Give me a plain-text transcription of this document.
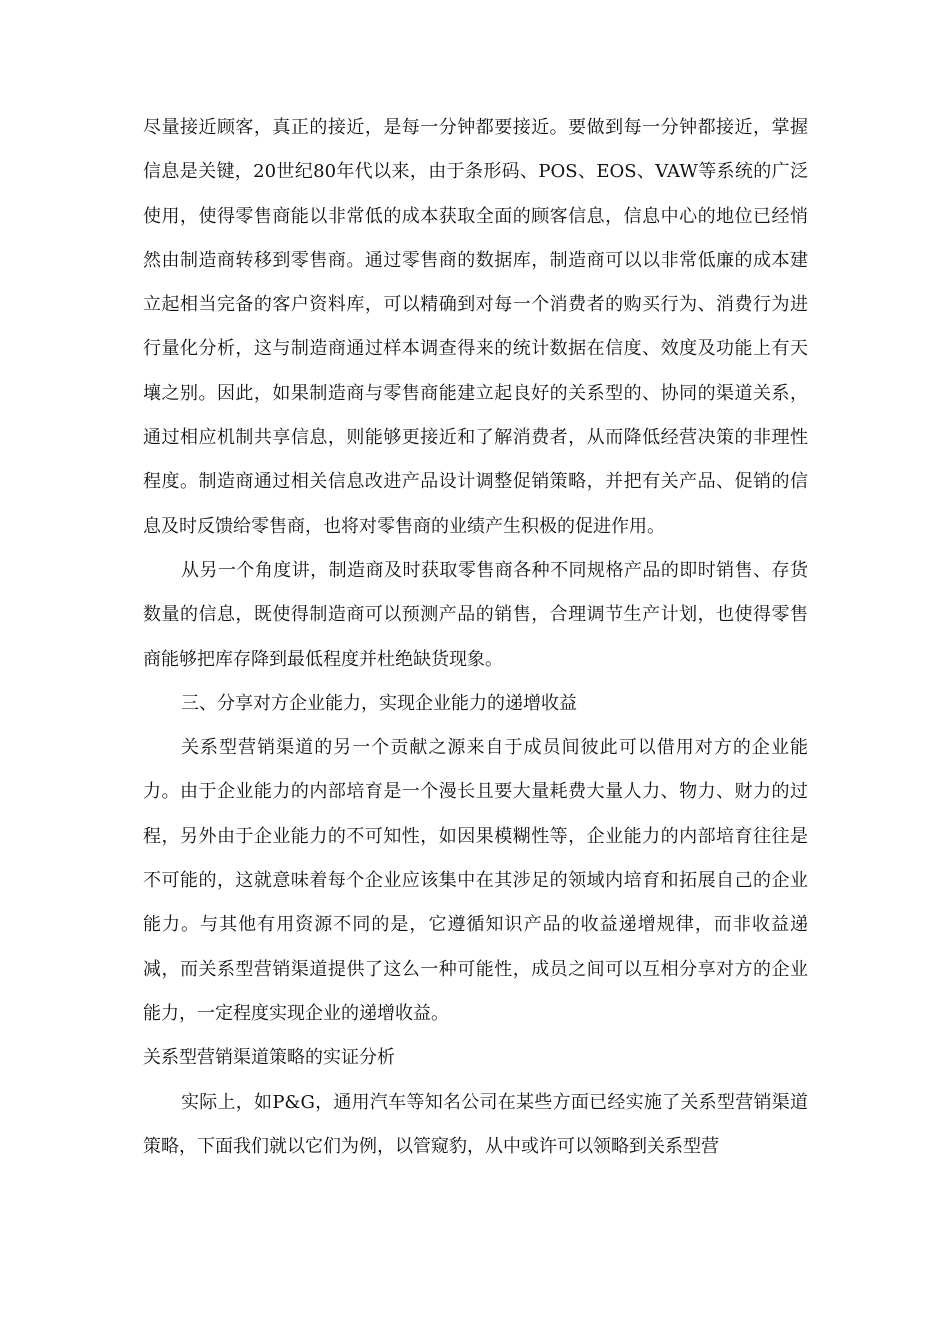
尽量接近顾客，真正的接近，是每一分钟都要接近。要做到每一分钟都接近，掌握信息是关键，20世纪80年代以来，由于条形码、POS、EOS、VAW等系统的广泛使用，使得零售商能以非常低的成本获取全面的顾客信息，信息中心的地位已经悄然由制造商转移到零售商。通过零售商的数据库，制造商可以以非常低廉的成本建立起相当完备的客户资料库，可以精确到对每一个消费者的购买行为、消费行为进行量化分析，这与制造商通过样本调查得来的统计数据在信度、效度及功能上有天壤之别。因此，如果制造商与零售商能建立起良好的关系型的、协同的渠道关系，通过相应机制共享信息，则能够更接近和了解消费者，从而降低经营决策的非理性程度。制造商通过相关信息改进产品设计调整促销策略，并把有关产品、促销的信息及时反馈给零售商，也将对零售商的业绩产生积极的促进作用。

从另一个角度讲，制造商及时获取零售商各种不同规格产品的即时销售、存货数量的信息，既使得制造商可以预测产品的销售，合理调节生产计划，也使得零售商能够把库存降到最低程度并杜绝缺货现象。

三、分享对方企业能力，实现企业能力的递增收益

关系型营销渠道的另一个贡献之源来自于成员间彼此可以借用对方的企业能力。由于企业能力的内部培育是一个漫长且要大量耗费大量人力、物力、财力的过程，另外由于企业能力的不可知性，如因果模糊性等，企业能力的内部培育往往是不可能的，这就意味着每个企业应该集中在其涉足的领域内培育和拓展自己的企业能力。与其他有用资源不同的是，它遵循知识产品的收益递增规律，而非收益递减，而关系型营销渠道提供了这么一种可能性，成员之间可以互相分享对方的企业能力，一定程度实现企业的递增收益。

关系型营销渠道策略的实证分析

实际上，如P&G，通用汽车等知名公司在某些方面已经实施了关系型营销渠道策略，下面我们就以它们为例，以管窥豹，从中或许可以领略到关系型营
